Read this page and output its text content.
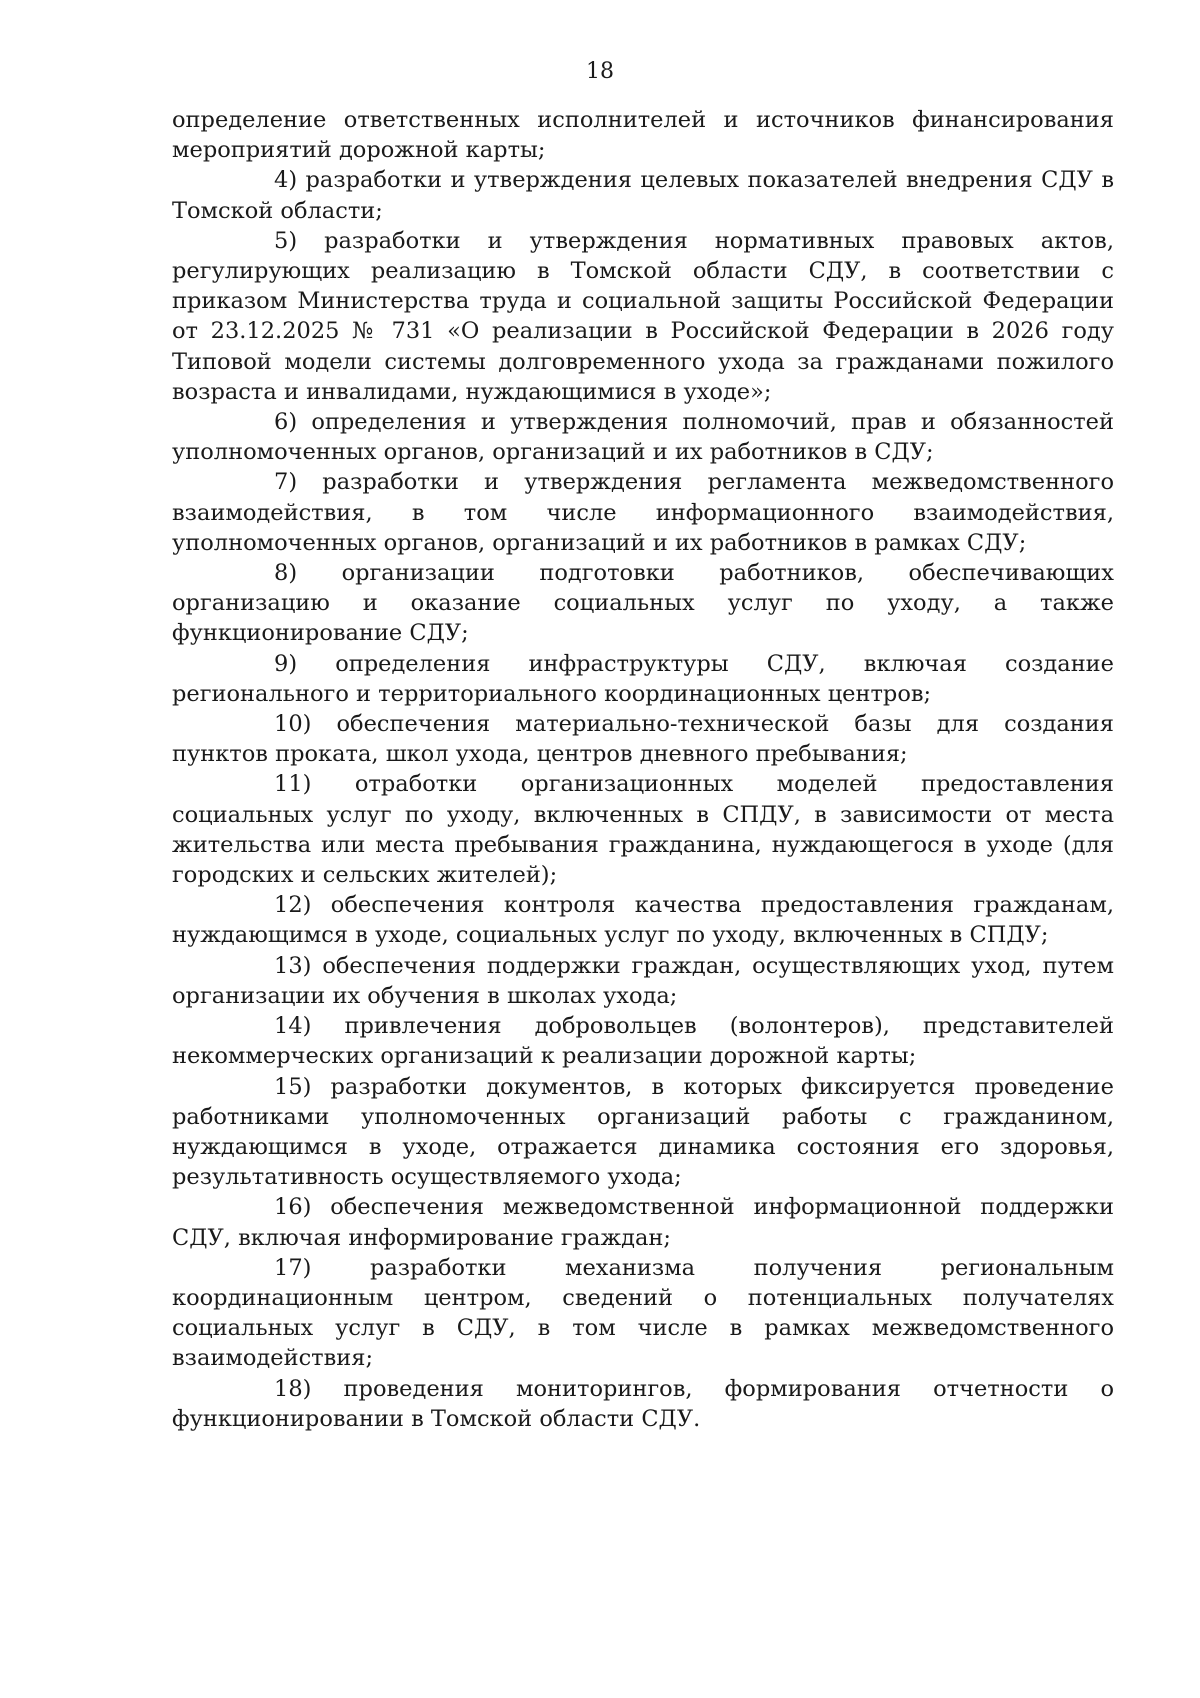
18

определение ответственных исполнителей и источников финансирования мероприятий дорожной карты;

4) разработки и утверждения целевых показателей внедрения СДУ в Томской области;

5) разработки и утверждения нормативных правовых актов, регулирующих реализацию в Томской области СДУ, в соответствии с приказом Министерства труда и социальной защиты Российской Федерации от 23.12.2025 № 731 «О реализации в Российской Федерации в 2026 году Типовой модели системы долговременного ухода за гражданами пожилого возраста и инвалидами, нуждающимися в уходе»;

6) определения и утверждения полномочий, прав и обязанностей уполномоченных органов, организаций и их работников в СДУ;

7) разработки и утверждения регламента межведомственного взаимодействия, в том числе информационного взаимодействия, уполномоченных органов, организаций и их работников в рамках СДУ;

8) организации подготовки работников, обеспечивающих организацию и оказание социальных услуг по уходу, а также функционирование СДУ;

9) определения инфраструктуры СДУ, включая создание регионального и территориального координационных центров;

10) обеспечения материально-технической базы для создания пунктов проката, школ ухода, центров дневного пребывания;

11) отработки организационных моделей предоставления социальных услуг по уходу, включенных в СПДУ, в зависимости от места жительства или места пребывания гражданина, нуждающегося в уходе (для городских и сельских жителей);

12) обеспечения контроля качества предоставления гражданам, нуждающимся в уходе, социальных услуг по уходу, включенных в СПДУ;

13) обеспечения поддержки граждан, осуществляющих уход, путем организации их обучения в школах ухода;

14) привлечения добровольцев (волонтеров), представителей некоммерческих организаций к реализации дорожной карты;

15) разработки документов, в которых фиксируется проведение работниками уполномоченных организаций работы с гражданином, нуждающимся в уходе, отражается динамика состояния его здоровья, результативность осуществляемого ухода;

16) обеспечения межведомственной информационной поддержки СДУ, включая информирование граждан;

17) разработки механизма получения региональным координационным центром, сведений о потенциальных получателях социальных услуг в СДУ, в том числе в рамках межведомственного взаимодействия;

18) проведения мониторингов, формирования отчетности о функционировании в Томской области СДУ.
